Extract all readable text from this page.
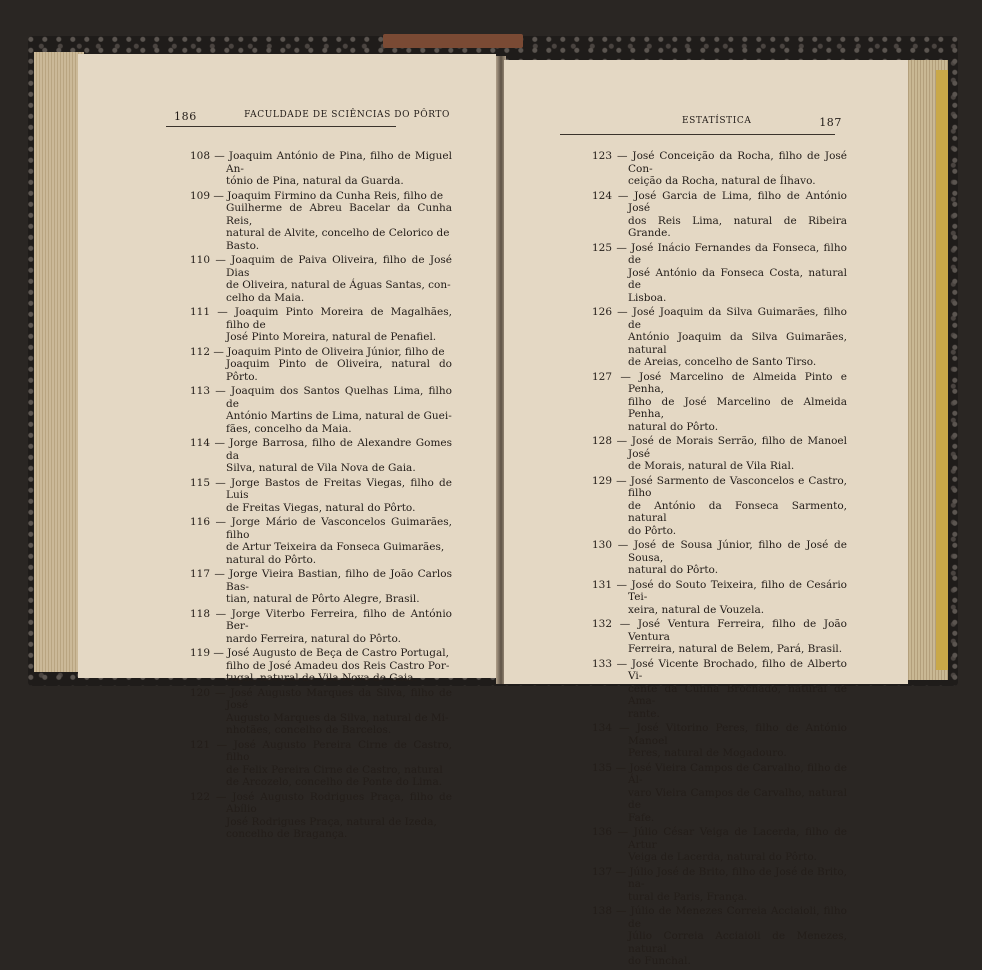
186	FACULDADE DE SCIÊNCIAS DO PÔRTO
108 — Joaquim António de Pina, filho de Miguel An-
tónio de Pina, natural da Guarda.
109 — Joaquim Firmino da Cunha Reis, filho de
Guilherme de Abreu Bacelar da Cunha Reis,
natural de Alvite, concelho de Celorico de
Basto.
110 — Joaquim de Paiva Oliveira, filho de José Dias
de Oliveira, natural de Águas Santas, con-
celho da Maia.
111 — Joaquim Pinto Moreira de Magalhães, filho de
José Pinto Moreira, natural de Penafiel.
112 — Joaquim Pinto de Oliveira Júnior, filho de
Joaquim Pinto de Oliveira, natural do Pôrto.
113 — Joaquim dos Santos Quelhas Lima, filho de
António Martins de Lima, natural de Guei-
fães, concelho da Maia.
114 — Jorge Barrosa, filho de Alexandre Gomes da
Silva, natural de Vila Nova de Gaia.
115 — Jorge Bastos de Freitas Viegas, filho de Luis
de Freitas Viegas, natural do Pôrto.
116 — Jorge Mário de Vasconcelos Guimarães, filho
de Artur Teixeira da Fonseca Guimarães,
natural do Pôrto.
117 — Jorge Vieira Bastian, filho de João Carlos Bas-
tian, natural de Pôrto Alegre, Brasil.
118 — Jorge Viterbo Ferreira, filho de António Ber-
nardo Ferreira, natural do Pôrto.
119 — José Augusto de Beça de Castro Portugal,
filho de José Amadeu dos Reis Castro Por-
tugal, natural de Vila Nova de Gaia.
120 — José Augusto Marques da Silva, filho de José
Augusto Marques da Silva, natural de Mi-
nhotães, concelho de Barcelos.
121 — José Augusto Pereira Cirne de Castro, filho
de Felix Pereira Cirne de Castro, natural
de Arcozelo, concelho de Ponte do Lima.
122 — José Augusto Rodrigues Praça, filho de Abílio
José Rodrigues Praça, natural de Izeda,
concelho de Bragança.
ESTATÍSTICA	187
123 — José Conceição da Rocha, filho de José Con-
ceição da Rocha, natural de Ílhavo.
124 — José Garcia de Lima, filho de António José
dos Reis Lima, natural de Ribeira Grande.
125 — José Inácio Fernandes da Fonseca, filho de
José António da Fonseca Costa, natural de
Lisboa.
126 — José Joaquim da Silva Guimarães, filho de
António Joaquim da Silva Guimarães, natural
de Areias, concelho de Santo Tirso.
127 — José Marcelino de Almeida Pinto e Penha,
filho de José Marcelino de Almeida Penha,
natural do Pôrto.
128 — José de Morais Serrão, filho de Manoel José
de Morais, natural de Vila Rial.
129 — José Sarmento de Vasconcelos e Castro, filho
de António da Fonseca Sarmento, natural
do Pôrto.
130 — José de Sousa Júnior, filho de José de Sousa,
natural do Pôrto.
131 — José do Souto Teixeira, filho de Cesário Tei-
xeira, natural de Vouzela.
132 — José Ventura Ferreira, filho de João Ventura
Ferreira, natural de Belem, Pará, Brasil.
133 — José Vicente Brochado, filho de Alberto Vi-
cente da Cunha Brochado, natural de Ama-
rante.
134 — José Vitorino Peres, filho de António Manoel
Peres, natural de Mogadouro.
135 — José Vieira Campos de Carvalho, filho de Ál-
varo Vieira Campos de Carvalho, natural de
Fafe.
136 — Júlio César Veiga de Lacerda, filho de Artur
Veiga de Lacerda, natural do Pôrto.
137 — Júlio José de Brito, filho de José de Brito, na-
tural de Paris, França.
138 — Júlio de Menezes Correia Acciaioli, filho de
Júlio Correia Acciaioli de Menezes, natural
do Funchal.
